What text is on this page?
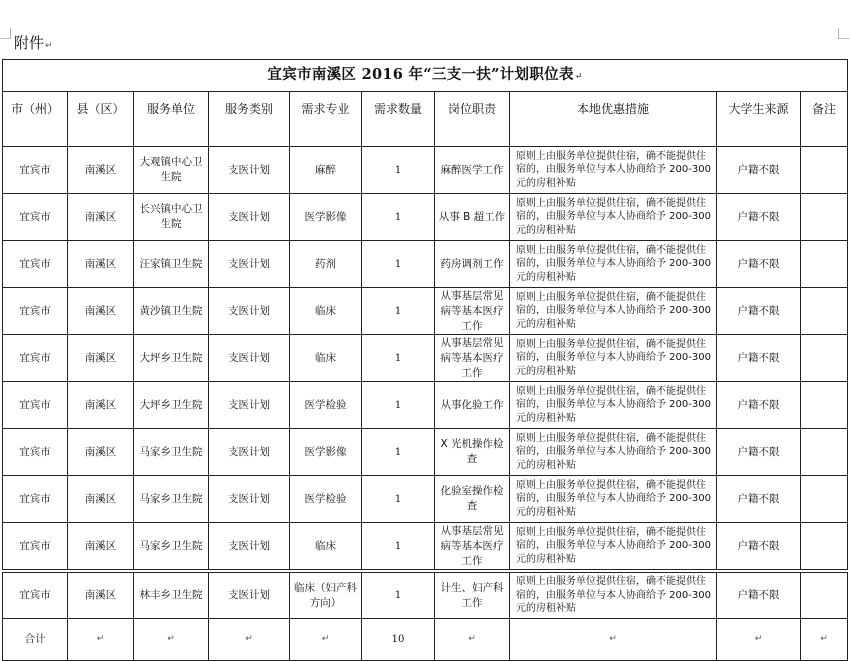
附件↵
宜宾市南溪区 2016 年“三支一扶”计划职位表↵									
市（州）	县（区）	服务单位	服务类别	需求专业	需求数量	岗位职责	本地优惠措施	大学生来源	备注
宜宾市	南溪区	大观镇中心卫生院	支医计划	麻醉	1	麻醉医学工作	原则上由服务单位提供住宿，确不能提供住宿的，由服务单位与本人协商给予 200-300 元的房租补贴	户籍不限	
宜宾市	南溪区	长兴镇中心卫生院	支医计划	医学影像	1	从事 B 超工作	原则上由服务单位提供住宿，确不能提供住宿的，由服务单位与本人协商给予 200-300 元的房租补贴	户籍不限	
宜宾市	南溪区	汪家镇卫生院	支医计划	药剂	1	药房调剂工作	原则上由服务单位提供住宿，确不能提供住宿的，由服务单位与本人协商给予 200-300 元的房租补贴	户籍不限	
宜宾市	南溪区	黄沙镇卫生院	支医计划	临床	1	从事基层常见病等基本医疗工作	原则上由服务单位提供住宿，确不能提供住宿的，由服务单位与本人协商给予 200-300 元的房租补贴	户籍不限	
宜宾市	南溪区	大坪乡卫生院	支医计划	临床	1	从事基层常见病等基本医疗工作	原则上由服务单位提供住宿，确不能提供住宿的，由服务单位与本人协商给予 200-300 元的房租补贴	户籍不限	
宜宾市	南溪区	大坪乡卫生院	支医计划	医学检验	1	从事化验工作	原则上由服务单位提供住宿，确不能提供住宿的，由服务单位与本人协商给予 200-300 元的房租补贴	户籍不限	
宜宾市	南溪区	马家乡卫生院	支医计划	医学影像	1	X 光机操作检查	原则上由服务单位提供住宿，确不能提供住宿的，由服务单位与本人协商给予 200-300 元的房租补贴	户籍不限	
宜宾市	南溪区	马家乡卫生院	支医计划	医学检验	1	化验室操作检查	原则上由服务单位提供住宿，确不能提供住宿的，由服务单位与本人协商给予 200-300 元的房租补贴	户籍不限	
宜宾市	南溪区	马家乡卫生院	支医计划	临床	1	从事基层常见病等基本医疗工作	原则上由服务单位提供住宿，确不能提供住宿的，由服务单位与本人协商给予 200-300 元的房租补贴	户籍不限	

宜宾市	南溪区	林丰乡卫生院	支医计划	临床（妇产科方向）	1	计生、妇产科工作	原则上由服务单位提供住宿，确不能提供住宿的，由服务单位与本人协商给予 200-300 元的房租补贴	户籍不限	
合计	↵	↵	↵	↵	10	↵	↵	↵	↵
